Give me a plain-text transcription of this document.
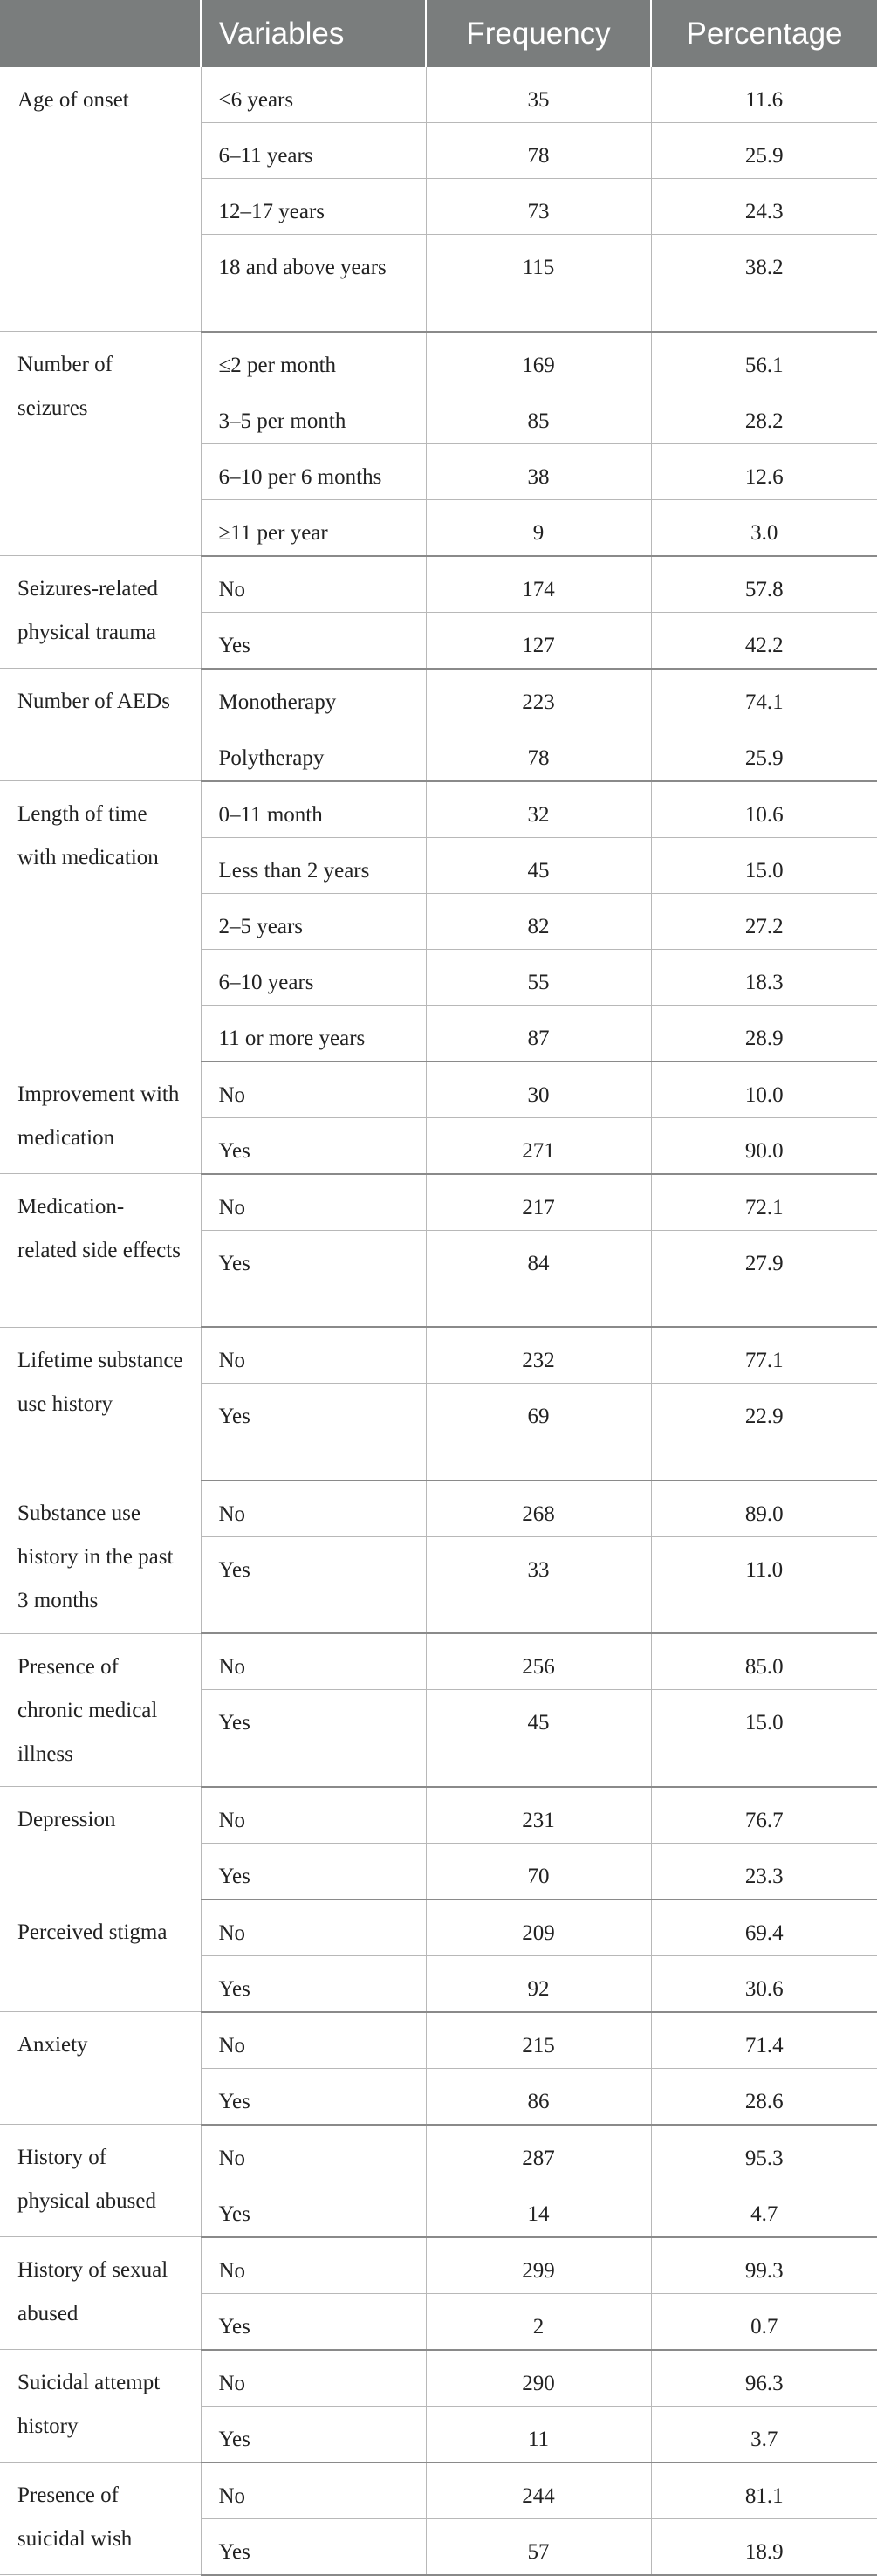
	Variables	Frequency	Percentage
Age of onset	<6 years	35	11.6
	6–11 years	78	25.9
	12–17 years	73	24.3
	18 and above years	115	38.2
Number of seizures	≤2 per month	169	56.1
	3–5 per month	85	28.2
	6–10 per 6 months	38	12.6
	≥11 per year	9	3.0
Seizures-related physical trauma	No	174	57.8
	Yes	127	42.2
Number of AEDs	Monotherapy	223	74.1
	Polytherapy	78	25.9
Length of time with medication	0–11 month	32	10.6
	Less than 2 years	45	15.0
	2–5 years	82	27.2
	6–10 years	55	18.3
	11 or more years	87	28.9
Improvement with medication	No	30	10.0
	Yes	271	90.0
Medication-related side effects	No	217	72.1
	Yes	84	27.9
Lifetime substance use history	No	232	77.1
	Yes	69	22.9
Substance use history in the past 3 months	No	268	89.0
	Yes	33	11.0
Presence of chronic medical illness	No	256	85.0
	Yes	45	15.0
Depression	No	231	76.7
	Yes	70	23.3
Perceived stigma	No	209	69.4
	Yes	92	30.6
Anxiety	No	215	71.4
	Yes	86	28.6
History of physical abused	No	287	95.3
	Yes	14	4.7
History of sexual abused	No	299	99.3
	Yes	2	0.7
Suicidal attempt history	No	290	96.3
	Yes	11	3.7
Presence of suicidal wish	No	244	81.1
	Yes	57	18.9
